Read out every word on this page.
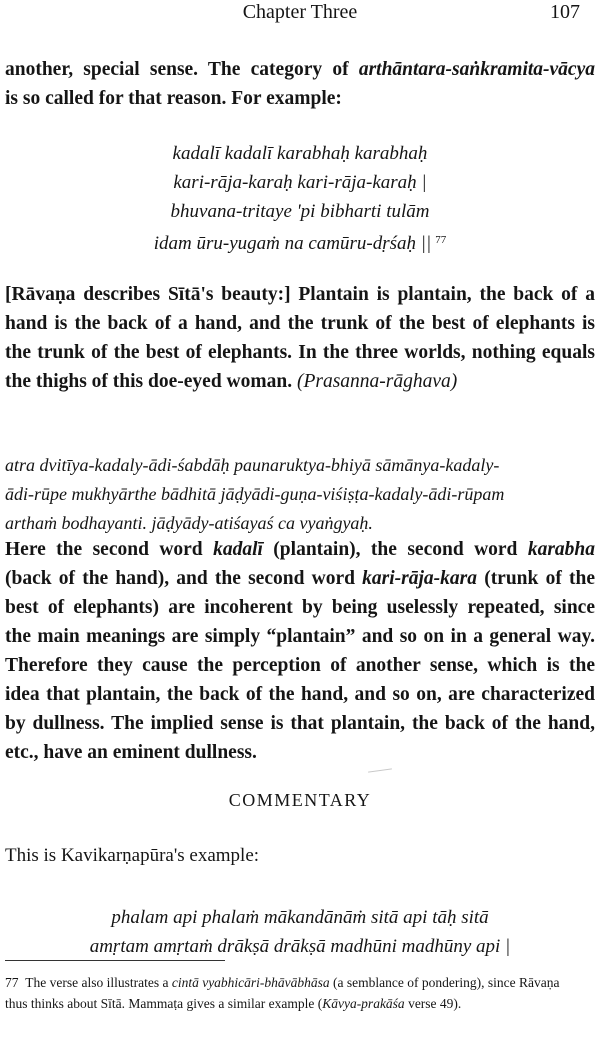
Chapter Three	107
another, special sense. The category of arthāntara-saṅkramita-vācya
is so called for that reason. For example:
kadalī kadalī karabhaḥ karabhaḥ
kari-rāja-karaḥ kari-rāja-karaḥ |
bhuvana-tritaye 'pi bibharti tulām
idam ūru-yugaṁ na camūru-dṛśaḥ || $^{77}$
[Rāvaṇa describes Sītā's beauty:] Plantain is plantain, the back of a
hand is the back of a hand, and the trunk of the best of elephants is
the trunk of the best of elephants. In the three worlds, nothing equals
the thighs of this doe-eyed woman. (Prasanna-rāghava)
atra dvitīya-kadaly-ādi-śabdāḥ paunaruktya-bhiyā sāmānya-kadaly-
ādi-rūpe mukhyārthe bādhitā jāḍyādi-guṇa-viśiṣṭa-kadaly-ādi-rūpam
arthaṁ bodhayanti. jāḍyādy-atiśayaś ca vyaṅgyaḥ.
Here the second word kadalī (plantain), the second word karabha
(back of the hand), and the second word kari-rāja-kara (trunk of the
best of elephants) are incoherent by being uselessly repeated, since
the main meanings are simply “plantain” and so on in a general way.
Therefore they cause the perception of another sense, which is the
idea that plantain, the back of the hand, and so on, are characterized
by dullness. The implied sense is that plantain, the back of the hand,
etc., have an eminent dullness.
COMMENTARY
This is Kavikarṇapūra's example:
phalam api phalaṁ mākandānāṁ sitā api tāḥ sitā
amṛtam amṛtaṁ drākṣā drākṣā madhūni madhūny api |
77 The verse also illustrates a cintā vyabhicāri-bhāvābhāsa (a semblance of pondering), since Rāvaṇa
thus thinks about Sītā. Mammaṭa gives a similar example (Kāvya-prakāśa verse 49).
